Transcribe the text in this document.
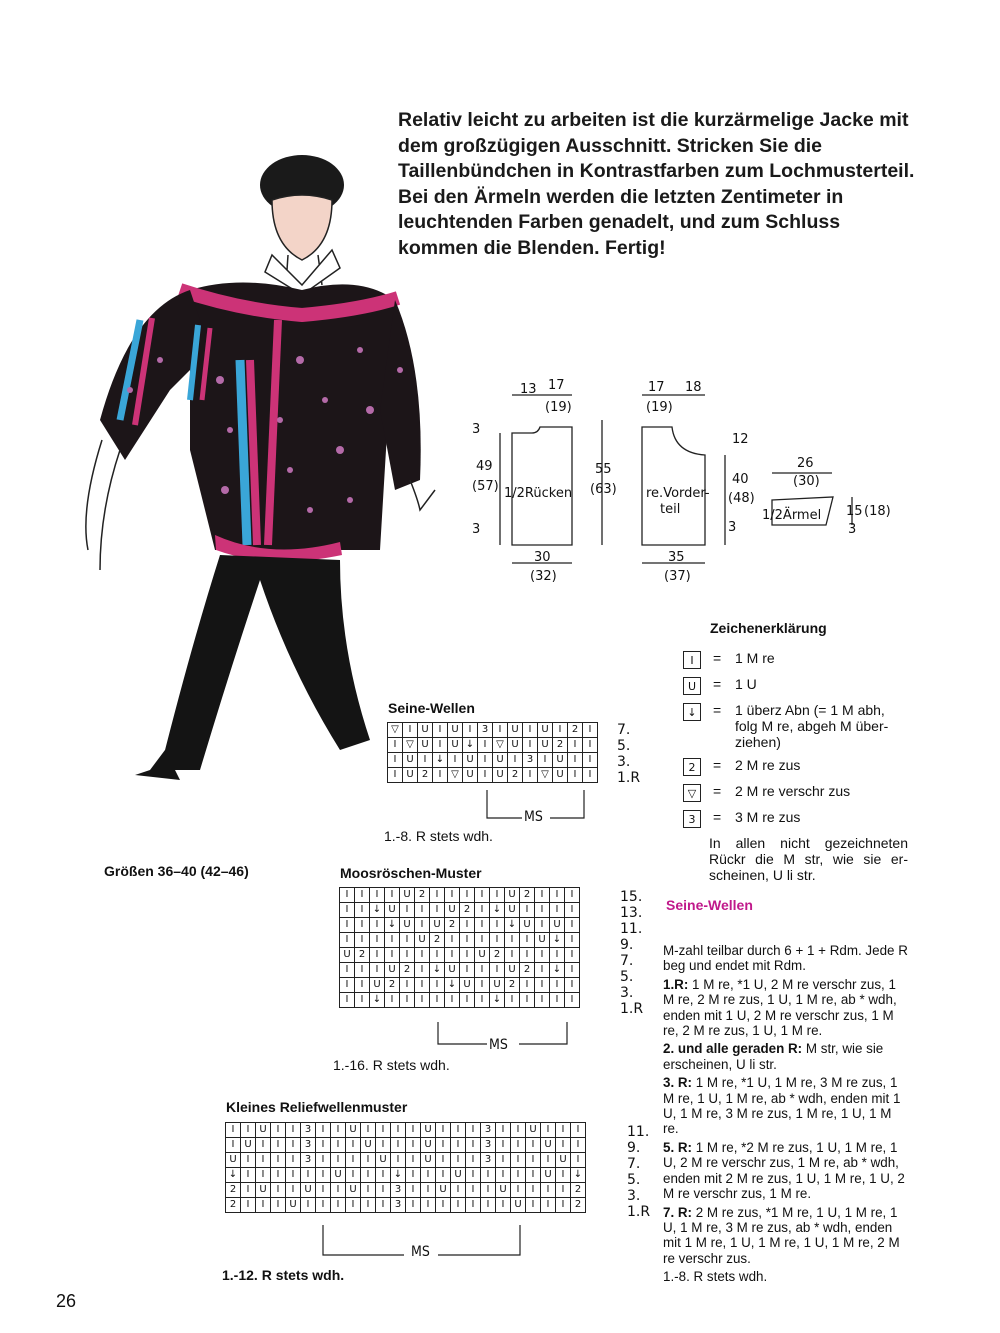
Relativ leicht zu arbeiten ist die kurzärmelige Jacke mit dem großzügigen Ausschnitt. Stricken Sie die Taillenbündchen in Kontrastfarben zum Lochmusterteil. Bei den Ärmeln werden die letzten Zentimeter in leuchtenden Farben genadelt, und zum Schluss kommen die Blenden. Fertig!
13 17
(19)
3
49
(57) 1/2Rücken
3
55
(63)
30
(32)
17
(19)
18
12
40
(48)
re.Vorder-
teil
3
35
(37)
26
(30)
1/2Ärmel 15 (18)
3
Zeichenerklärung
I	= 1 M re
U	= 1 U
↓	= 1 überz Abn (= 1 M abh, folg M re, abgeh M über-ziehen)
2	= 2 M re zus
▽	= 2 M re verschr zus
3	= 3 M re zus
In allen nicht gezeichneten Rückr die M str, wie sie er-scheinen, U li str.
Seine-Wellen
▽	I	U	I	U	I	3	I	U	I	U	I	2	I
I	▽	U	I	U	↓	I	▽	U	I	U	2	I	I
I	U	I	↓	I	U	I	U	I	3	I	U	I	I
I	U	2	I	▽	U	I	U	2	I	▽	U	I	I
7.
5.
3.
1.R
MS
1.-8. R stets wdh.
Größen 36–40 (42–46)	Moosröschen-Muster
I	I	I	I	U	2	I	I	I	I	I	U	2	I	I	I
I	I	↓	U	I	I	I	U	2	I	↓	U	I	I	I	I
I	I	I	↓	U	I	U	2	I	I	I	↓	U	I	U	I
I	I	I	I	I	U	2	I	I	I	I	I	I	U	↓	I
U	2	I	I	I	I	I	I	I	U	2	I	I	I	I	I
I	I	I	U	2	I	↓	U	I	I	I	U	2	I	↓	I
I	I	U	2	I	I	I	↓	U	I	U	2	I	I	I	I
I	I	↓	I	I	I	I	I	I	I	↓	I	I	I	I	I
15.
13.
11.
9.
7.
5.
3.
1.R
MS
1.-16. R stets wdh.
Kleines Reliefwellenmuster
I	I	U	I	I	3	I	I	U	I	I	I	I	U	I	I	I	3	I	I	U	I	I	I
I	U	I	I	I	3	I	I	I	U	I	I	I	U	I	I	I	3	I	I	I	U	I	I
U	I	I	I	I	3	I	I	I	I	U	I	I	U	I	I	I	3	I	I	I	I	U	I
↓	I	I	I	I	I	I	U	I	I	I	↓	I	I	I	U	I	I	I	I	I	U	I	↓
2	I	U	I	I	U	I	I	U	I	I	3	I	I	U	I	I	I	U	I	I	I	I	2
2	I	I	I	U	I	I	I	I	I	I	3	I	I	I	I	I	I	I	U	I	I	I	2
11.
9.
7.
5.
3.
1.R
MS
1.-12. R stets wdh.
Seine-Wellen

M-zahl teilbar durch 6 + 1 + Rdm. Jede R beg und endet mit Rdm.

1.R: 1 M re, *1 U, 2 M re verschr zus, 1 M re, 2 M re zus, 1 U, 1 M re, ab * wdh, enden mit 1 U, 2 M re verschr zus, 1 M re, 2 M re zus, 1 U, 1 M re.

2. und alle geraden R: M str, wie sie erscheinen, U li str.

3. R: 1 M re, *1 U, 1 M re, 3 M re zus, 1 M re, 1 U, 1 M re, ab * wdh, enden mit 1 U, 1 M re, 3 M re zus, 1 M re, 1 U, 1 M re.

5. R: 1 M re, *2 M re zus, 1 U, 1 M re, 1 U, 2 M re verschr zus, 1 M re, ab * wdh, enden mit 2 M re zus, 1 U, 1 M re, 1 U, 2 M re verschr zus, 1 M re.

7. R: 2 M re zus, *1 M re, 1 U, 1 M re, 1 U, 1 M re, 3 M re zus, ab * wdh, enden mit 1 M re, 1 U, 1 M re, 1 U, 1 M re, 2 M re verschr zus.

1.-8. R stets wdh.

26
